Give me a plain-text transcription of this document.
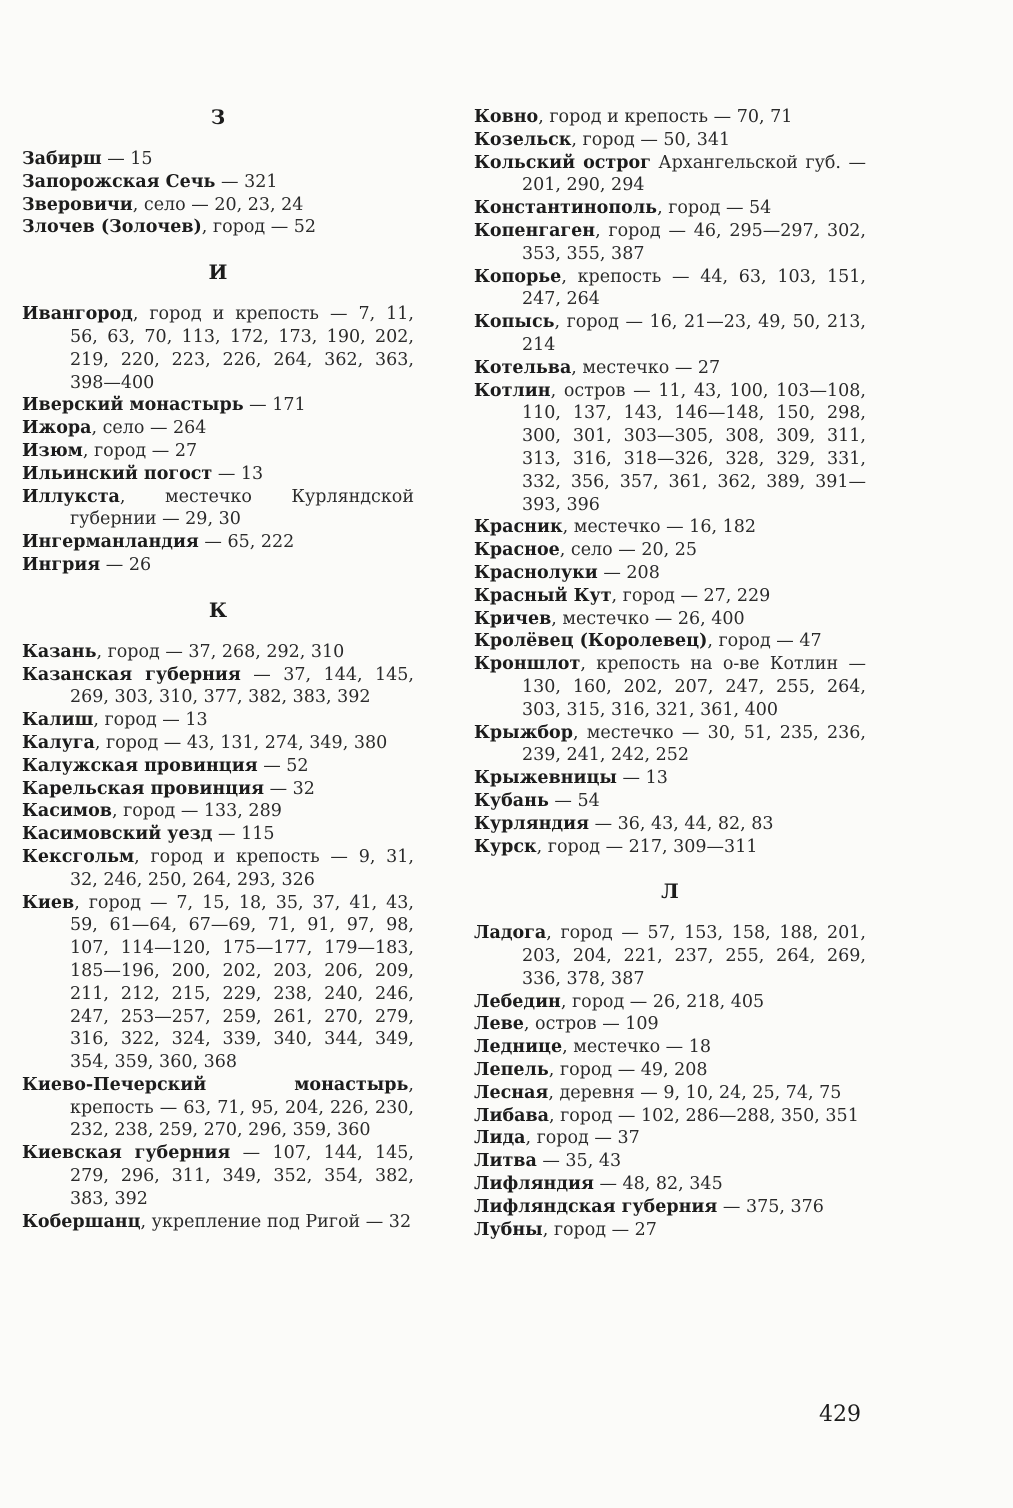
З

Забирш — 15

Запорожская Сечь — 321

Зверовичи, село — 20, 23, 24

Злочев (Золочев), город — 52

И

Ивангород, город и крепость — 7, 11, 56, 63, 70, 113, 172, 173, 190, 202, 219, 220, 223, 226, 264, 362, 363, 398—400

Иверский монастырь — 171

Ижора, село — 264

Изюм, город — 27

Ильинский погост — 13

Иллукста, местечко Курляндской губернии — 29, 30

Ингерманландия — 65, 222

Ингрия — 26

К

Казань, город — 37, 268, 292, 310

Казанская губерния — 37, 144, 145, 269, 303, 310, 377, 382, 383, 392

Калиш, город — 13

Калуга, город — 43, 131, 274, 349, 380

Калужская провинция — 52

Карельская провинция — 32

Касимов, город — 133, 289

Касимовский уезд — 115

Кексгольм, город и крепость — 9, 31, 32, 246, 250, 264, 293, 326

Киев, город — 7, 15, 18, 35, 37, 41, 43, 59, 61—64, 67—69, 71, 91, 97, 98, 107, 114—120, 175—177, 179—183, 185—196, 200, 202, 203, 206, 209, 211, 212, 215, 229, 238, 240, 246, 247, 253—257, 259, 261, 270, 279, 316, 322, 324, 339, 340, 344, 349, 354, 359, 360, 368

Киево-Печерский монастырь, крепость — 63, 71, 95, 204, 226, 230, 232, 238, 259, 270, 296, 359, 360

Киевская губерния — 107, 144, 145, 279, 296, 311, 349, 352, 354, 382, 383, 392

Кобершанц, укрепление под Ригой — 32

Ковно, город и крепость — 70, 71

Козельск, город — 50, 341

Кольский острог Архангельской губ. — 201, 290, 294

Константинополь, город — 54

Копенгаген, город — 46, 295—297, 302, 353, 355, 387

Копорье, крепость — 44, 63, 103, 151, 247, 264

Копысь, город — 16, 21—23, 49, 50, 213, 214

Котельва, местечко — 27

Котлин, остров — 11, 43, 100, 103—108, 110, 137, 143, 146—148, 150, 298, 300, 301, 303—305, 308, 309, 311, 313, 316, 318—326, 328, 329, 331, 332, 356, 357, 361, 362, 389, 391—393, 396

Красник, местечко — 16, 182

Красное, село — 20, 25

Краснолуки — 208

Красный Кут, город — 27, 229

Кричев, местечко — 26, 400

Кролёвец (Королевец), город — 47

Кроншлот, крепость на о-ве Котлин — 130, 160, 202, 207, 247, 255, 264, 303, 315, 316, 321, 361, 400

Крыжбор, местечко — 30, 51, 235, 236, 239, 241, 242, 252

Крыжевницы — 13

Кубань — 54

Курляндия — 36, 43, 44, 82, 83

Курск, город — 217, 309—311

Л

Ладога, город — 57, 153, 158, 188, 201, 203, 204, 221, 237, 255, 264, 269, 336, 378, 387

Лебедин, город — 26, 218, 405

Леве, остров — 109

Леднице, местечко — 18

Лепель, город — 49, 208

Лесная, деревня — 9, 10, 24, 25, 74, 75

Либава, город — 102, 286—288, 350, 351

Лида, город — 37

Литва — 35, 43

Лифляндия — 48, 82, 345

Лифляндская губерния — 375, 376

Лубны, город — 27

429
